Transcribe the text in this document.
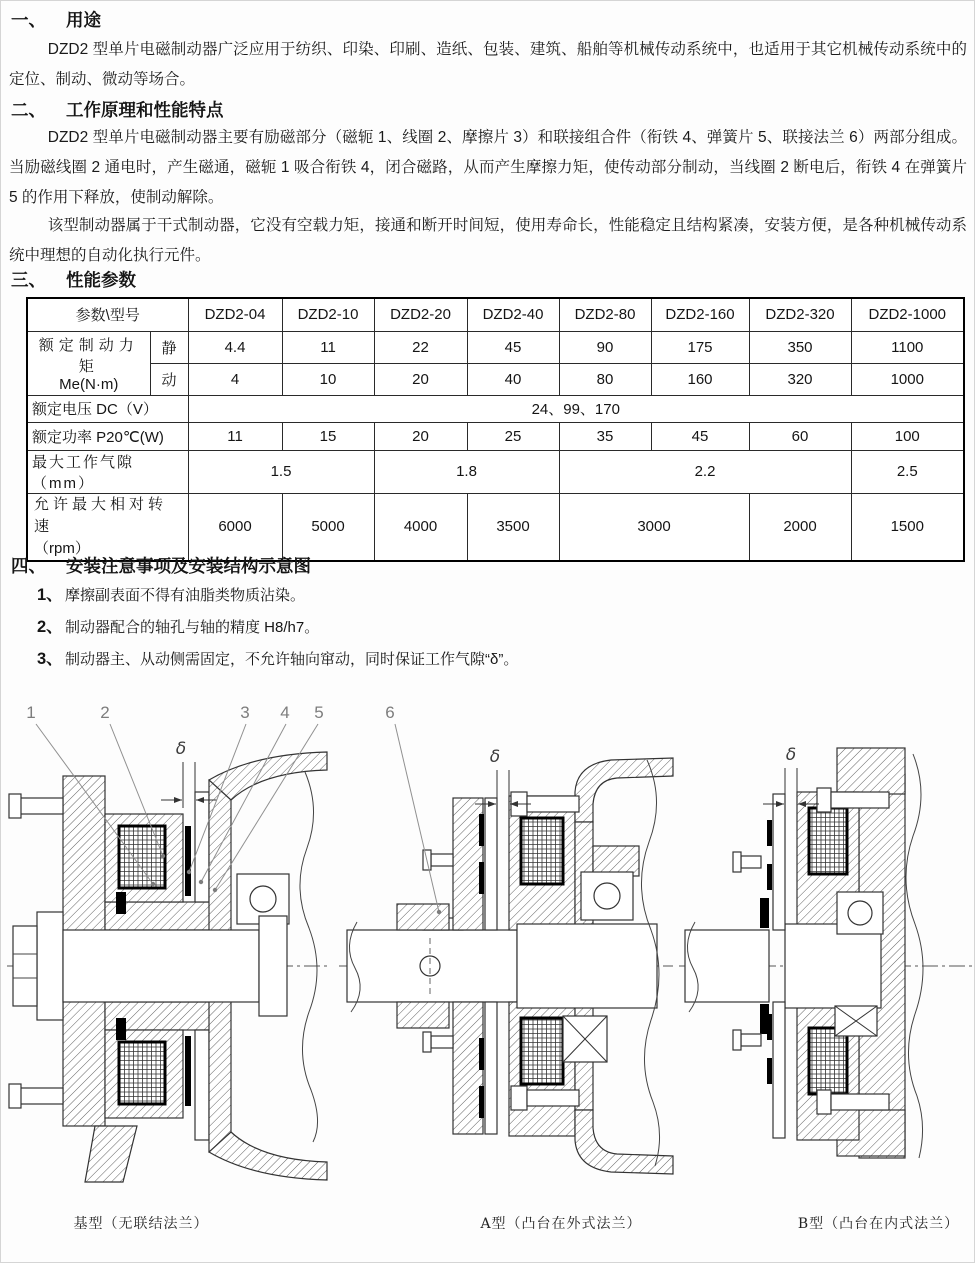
一、	用途

DZD2 型单片电磁制动器广泛应用于纺织、印染、印刷、造纸、包装、建筑、船舶等机械传动系统中，也适用于其它机械传动系统中的定位、制动、微动等场合。

二、	工作原理和性能特点

DZD2 型单片电磁制动器主要有励磁部分（磁轭 1、线圈 2、摩擦片 3）和联接组合件（衔铁 4、弹簧片 5、联接法兰 6）两部分组成。当励磁线圈 2 通电时，产生磁通，磁轭 1 吸合衔铁 4，闭合磁路，从而产生摩擦力矩，使传动部分制动，当线圈 2 断电后，衔铁 4 在弹簧片 5 的作用下释放，使制动解除。

该型制动器属于干式制动器，它没有空载力矩，接通和断开时间短，使用寿命长，性能稳定且结构紧凑，安装方便，是各种机械传动系统中理想的自动化执行元件。

三、	性能参数
参数\型号		DZD2-04	DZD2-10	DZD2-20	DZD2-40	DZD2-80	DZD2-160	DZD2-320	DZD2-1000
额定制动力矩
Me(N·m)	静	4.4	11	22	45	90	175	350	1100
	动	4	10	20	40	80	160	320	1000
额定电压 DC（V）		24、99、170							
额定功率 P20℃(W)		11	15	20	25	35	45	60	100
最大工作气隙（mm）		1.5		1.8		2.2			2.5

允许最大相对转速
（rpm）		6000	5000	4000	3500	3000		2000	1500
四、	安装注意事项及安装结构示意图
1、 摩擦副表面不得有油脂类物质沾染。
2、 制动器配合的轴孔与轴的精度 H8/h7。
3、 制动器主、从动侧需固定，不允许轴向窜动，同时保证工作气隙“δ”。
δ
1	2	3 4 5
δ
6
δ
基型（无联结法兰）	A型（凸台在外式法兰）	B型（凸台在内式法兰）
